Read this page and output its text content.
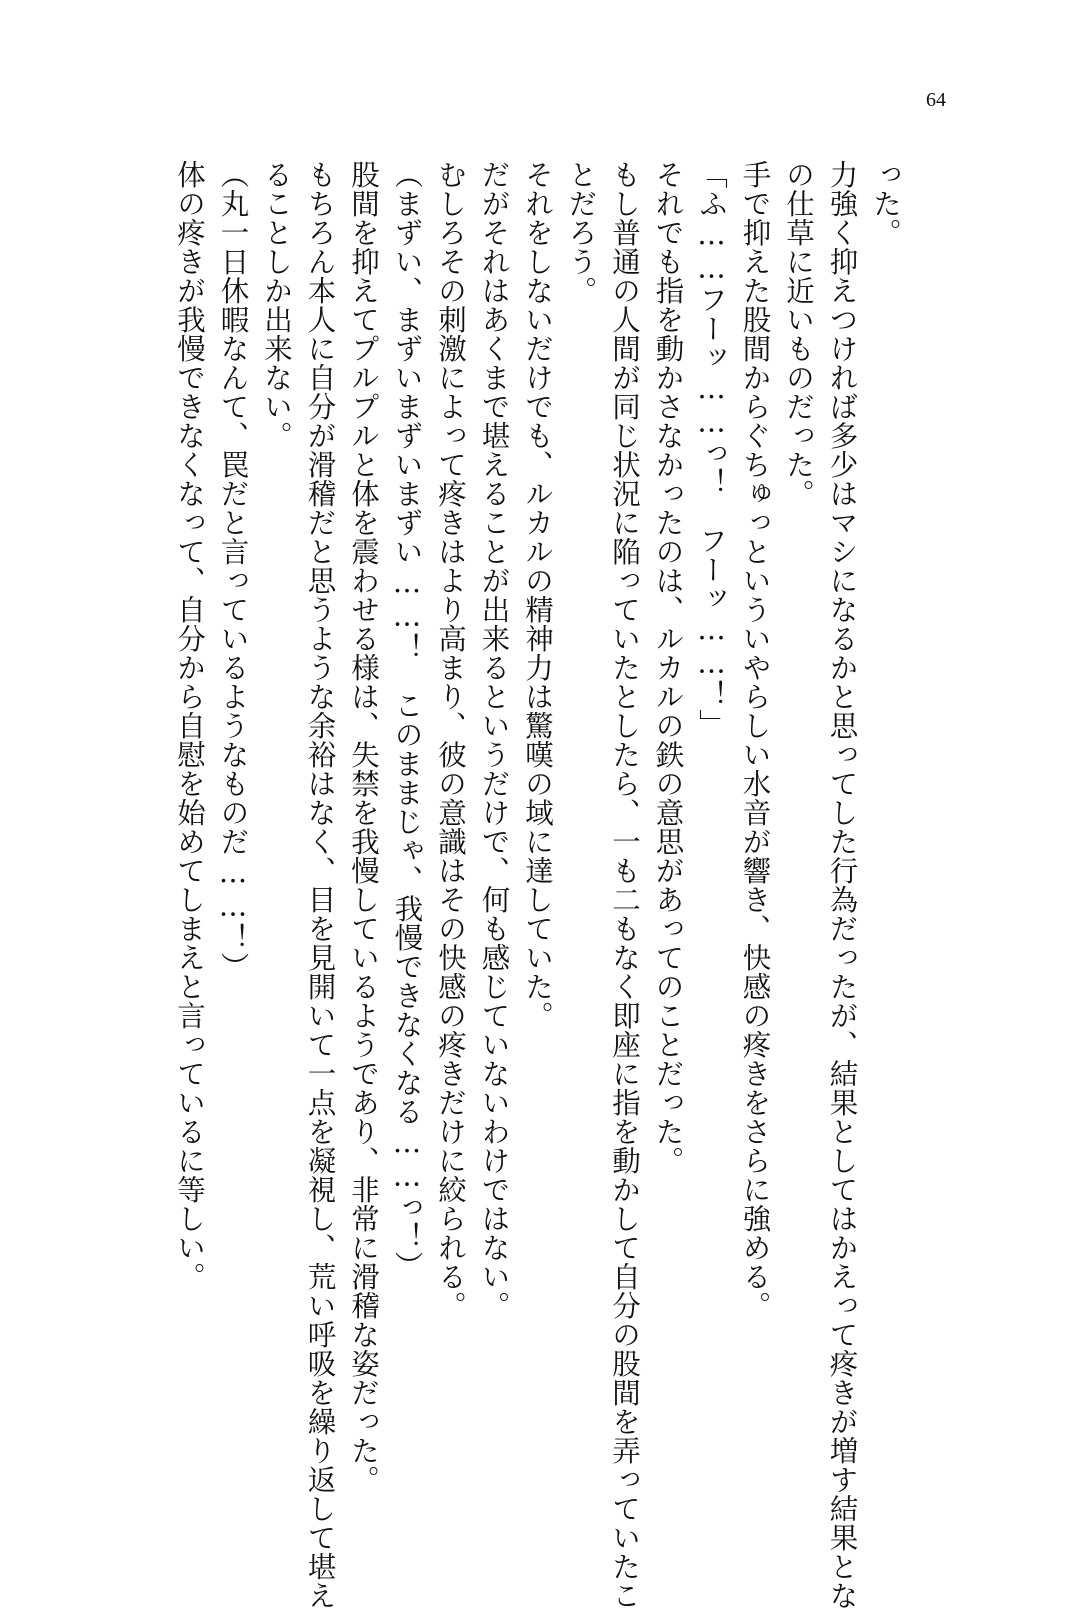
64

った。

力強く抑えつければ多少はマシになるかと思ってした行為だったが、結果としてはかえって疼きが増す結果とな

の仕草に近いものだった。

手で抑えた股間からぐちゅっといういやらしい水音が響き、快感の疼きをさらに強める。

「ふ……フーッ……っ！　フーッ……！」

それでも指を動かさなかったのは、ルカルの鉄の意思があってのことだった。

もし普通の人間が同じ状況に陥っていたとしたら、一も二もなく即座に指を動かして自分の股間を弄っていたこ

とだろう。

それをしないだけでも、ルカルの精神力は驚嘆の域に達していた。

だがそれはあくまで堪えることが出来るというだけで、何も感じていないわけではない。

むしろその刺激によって疼きはより高まり、彼の意識はその快感の疼きだけに絞られる。

（まずい、まずいまずいまずい……！　このままじゃ、我慢できなくなる……っ！）

股間を抑えてプルプルと体を震わせる様は、失禁を我慢しているようであり、非常に滑稽な姿だった。

もちろん本人に自分が滑稽だと思うような余裕はなく、目を見開いて一点を凝視し、荒い呼吸を繰り返して堪え

ることしか出来ない。

（丸一日休暇なんて、罠だと言っているようなものだ……！）

体の疼きが我慢できなくなって、自分から自慰を始めてしまえと言っているに等しい。
